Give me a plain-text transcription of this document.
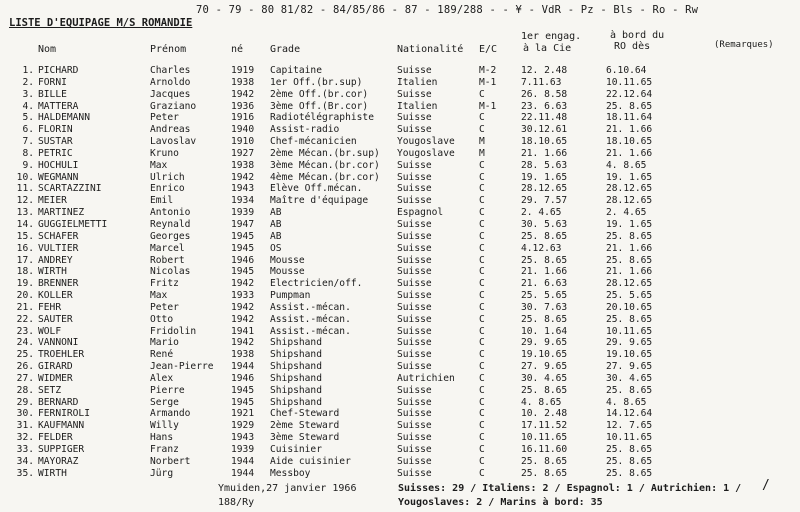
70 - 79 - 80 81/82 - 84/85/86 - 87 - 189/288 - - ¥ - VdR - Pz - Bls - Ro - Rw
LISTE D'EQUIPAGE M/S ROMANDIE
Nom	Prénom	né	Grade	Nationalité E/C
1er engag.
à la Cie
à bord du
RO dès	(Remarques)
1. PICHARD	Charles	1919 Capitaine	Suisse	M-2	12. 2.48	6.10.64
2. FORNI	Arnoldo	1938 1er Off.(br.sup)	Italien	M-1	7.11.63	10.11.65
3. BILLE	Jacques	1942 2ème Off.(br.cor)	Suisse	C	26. 8.58	22.12.64
4. MATTERA	Graziano	1936 3ème Off.(Br.cor)	Italien	M-1	23. 6.63	25. 8.65
5. HALDEMANN	Peter	1916 Radiotélégraphiste Suisse	C	22.11.48	18.11.64
6. FLORIN	Andreas	1940 Assist-radio	Suisse	C	30.12.61	21. 1.66
7. SUSTAR	Lavoslav	1910 Chef-mécanicien	Yougoslave	M	18.10.65	18.10.65
8. PETRIC	Kruno	1927 2ème Mécan.(br.sup) Yougoslave	M	21. 1.66	21. 1.66
9. HOCHULI	Max	1938 3ème Mécan.(br.cor) Suisse	C	28. 5.63	4. 8.65
10. WEGMANN	Ulrich	1942 4ème Mécan.(br.cor) Suisse	C	19. 1.65	19. 1.65
11. SCARTAZZINI	Enrico	1943 Elève Off.mécan.	Suisse	C	28.12.65	28.12.65
12. MEIER	Emil	1934 Maître d'équipage	Suisse	C	29. 7.57	28.12.65
13. MARTINEZ	Antonio	1939 AB	Espagnol	C	2. 4.65	2. 4.65
14. GUGGIELMETTI	Reynald	1947 AB	Suisse	C	30. 5.63	19. 1.65
15. SCHAFER	Georges	1945 AB	Suisse	C	25. 8.65	25. 8.65
16. VULTIER	Marcel	1945 OS	Suisse	C	4.12.63	21. 1.66
17. ANDREY	Robert	1946 Mousse	Suisse	C	25. 8.65	25. 8.65
18. WIRTH	Nicolas	1945 Mousse	Suisse	C	21. 1.66	21. 1.66
19. BRENNER	Fritz	1942 Electricien/off.	Suisse	C	21. 6.63	28.12.65
20. KOLLER	Max	1933 Pumpman	Suisse	C	25. 5.65	25. 5.65
21. FEHR	Peter	1942 Assist.-mécan.	Suisse	C	30. 7.63	20.10.65
22. SAUTER	Otto	1942 Assist.-mécan.	Suisse	C	25. 8.65	25. 8.65
23. WOLF	Fridolin	1941 Assist.-mécan.	Suisse	C	10. 1.64	10.11.65
24. VANNONI	Mario	1942 Shipshand	Suisse	C	29. 9.65	29. 9.65
25. TROEHLER	René	1938 Shipshand	Suisse	C	19.10.65	19.10.65
26. GIRARD	Jean-Pierre 1944 Shipshand	Suisse	C	27. 9.65	27. 9.65
27. WIDMER	Alex	1946 Shipshand	Autrichien	C	30. 4.65	30. 4.65
28. SETZ	Pierre	1945 Shipshand	Suisse	C	25. 8.65	25. 8.65
29. BERNARD	Serge	1945 Shipshand	Suisse	C	4. 8.65	4. 8.65
30. FERNIROLI	Armando	1921 Chef-Steward	Suisse	C	10. 2.48	14.12.64
31. KAUFMANN	Willy	1929 2ème Steward	Suisse	C	17.11.52	12. 7.65
32. FELDER	Hans	1943 3ème Steward	Suisse	C	10.11.65	10.11.65
33. SUPPIGER	Franz	1939 Cuisinier	Suisse	C	16.11.60	25. 8.65
34. MAYORAZ	Norbert	1944 Aide cuisinier	Suisse	C	25. 8.65	25. 8.65
35. WIRTH	Jürg	1944 Messboy	Suisse	C	25. 8.65	25. 8.65
Ymuiden,27 janvier 1966
188/Ry
Suisses: 29 / Italiens: 2 / Espagnol: 1 / Autrichien: 1 /
Yougoslaves: 2 / Marins à bord: 35
/
